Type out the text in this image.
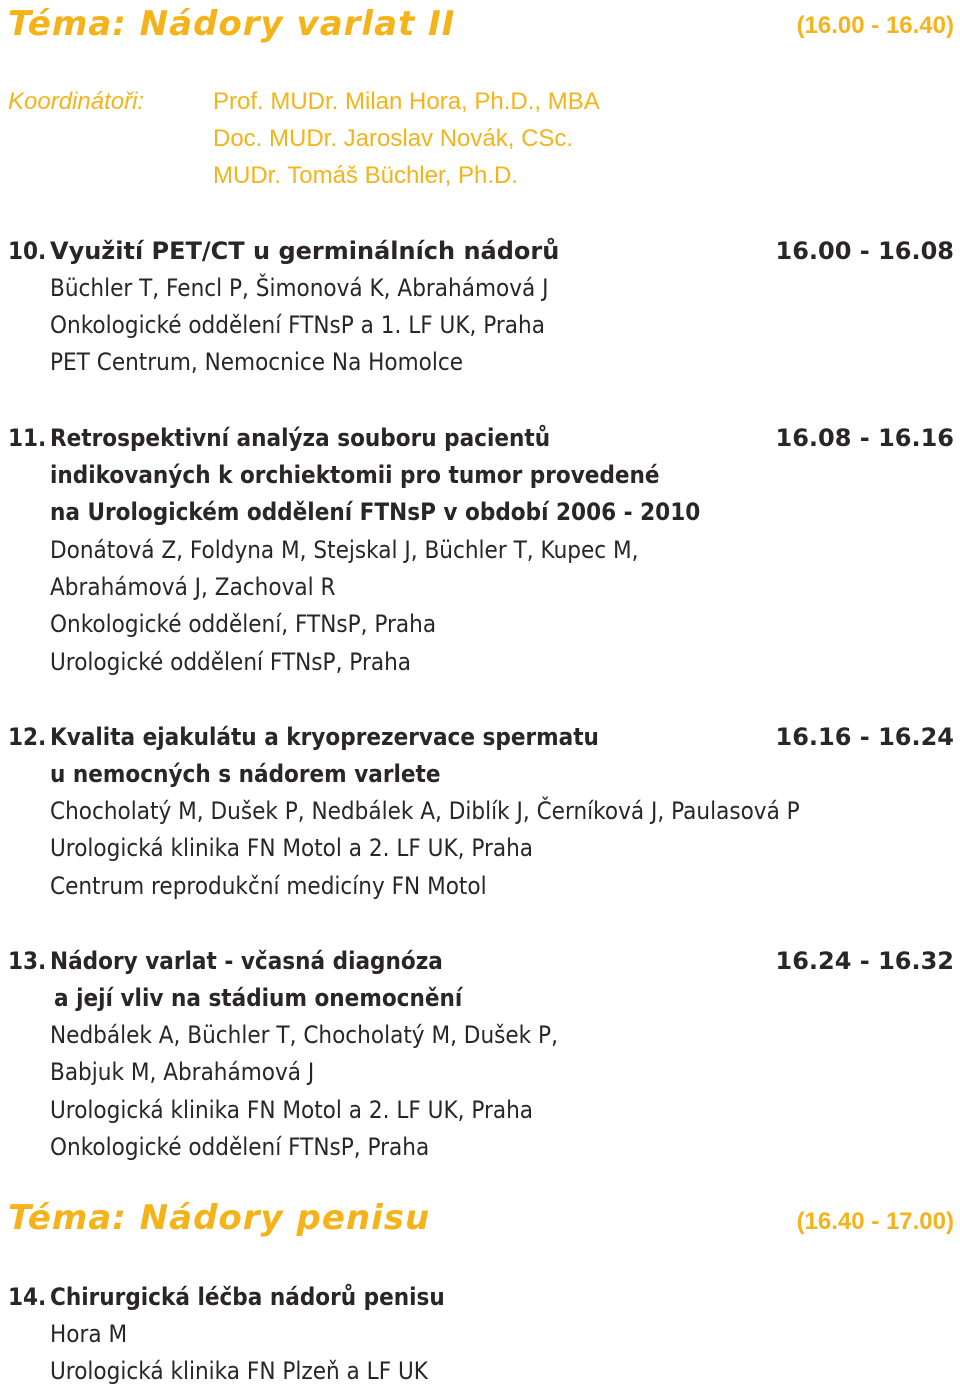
Téma: Nádory varlat II	(16.00 - 16.40)
Koordinátoři:	Prof. MUDr. Milan Hora, Ph.D., MBA
Doc. MUDr. Jaroslav Novák, CSc.
MUDr. Tomáš Büchler, Ph.D.
10. Využití PET/CT u germinálních nádorů	16.00 - 16.08
Büchler T, Fencl P, Šimonová K, Abrahámová J
Onkologické oddělení FTNsP a 1. LF UK, Praha
PET Centrum, Nemocnice Na Homolce
11. Retrospektivní analýza souboru pacientů	16.08 - 16.16
indikovaných k orchiektomii pro tumor provedené
na Urologickém oddělení FTNsP v období 2006 - 2010
Donátová Z, Foldyna M, Stejskal J, Büchler T, Kupec M,
Abrahámová J, Zachoval R
Onkologické oddělení, FTNsP, Praha
Urologické oddělení FTNsP, Praha
12. Kvalita ejakulátu a kryoprezervace spermatu	16.16 - 16.24
u nemocných s nádorem varlete
Chocholatý M, Dušek P, Nedbálek A, Diblík J, Černíková J, Paulasová P
Urologická klinika FN Motol a 2. LF UK, Praha
Centrum reprodukční medicíny FN Motol
13. Nádory varlat - včasná diagnóza	16.24 - 16.32
a její vliv na stádium onemocnění
Nedbálek A, Büchler T, Chocholatý M, Dušek P,
Babjuk M, Abrahámová J
Urologická klinika FN Motol a 2. LF UK, Praha
Onkologické oddělení FTNsP, Praha
Téma: Nádory penisu	(16.40 - 17.00)
14. Chirurgická léčba nádorů penisu
Hora M
Urologická klinika FN Plzeň a LF UK
